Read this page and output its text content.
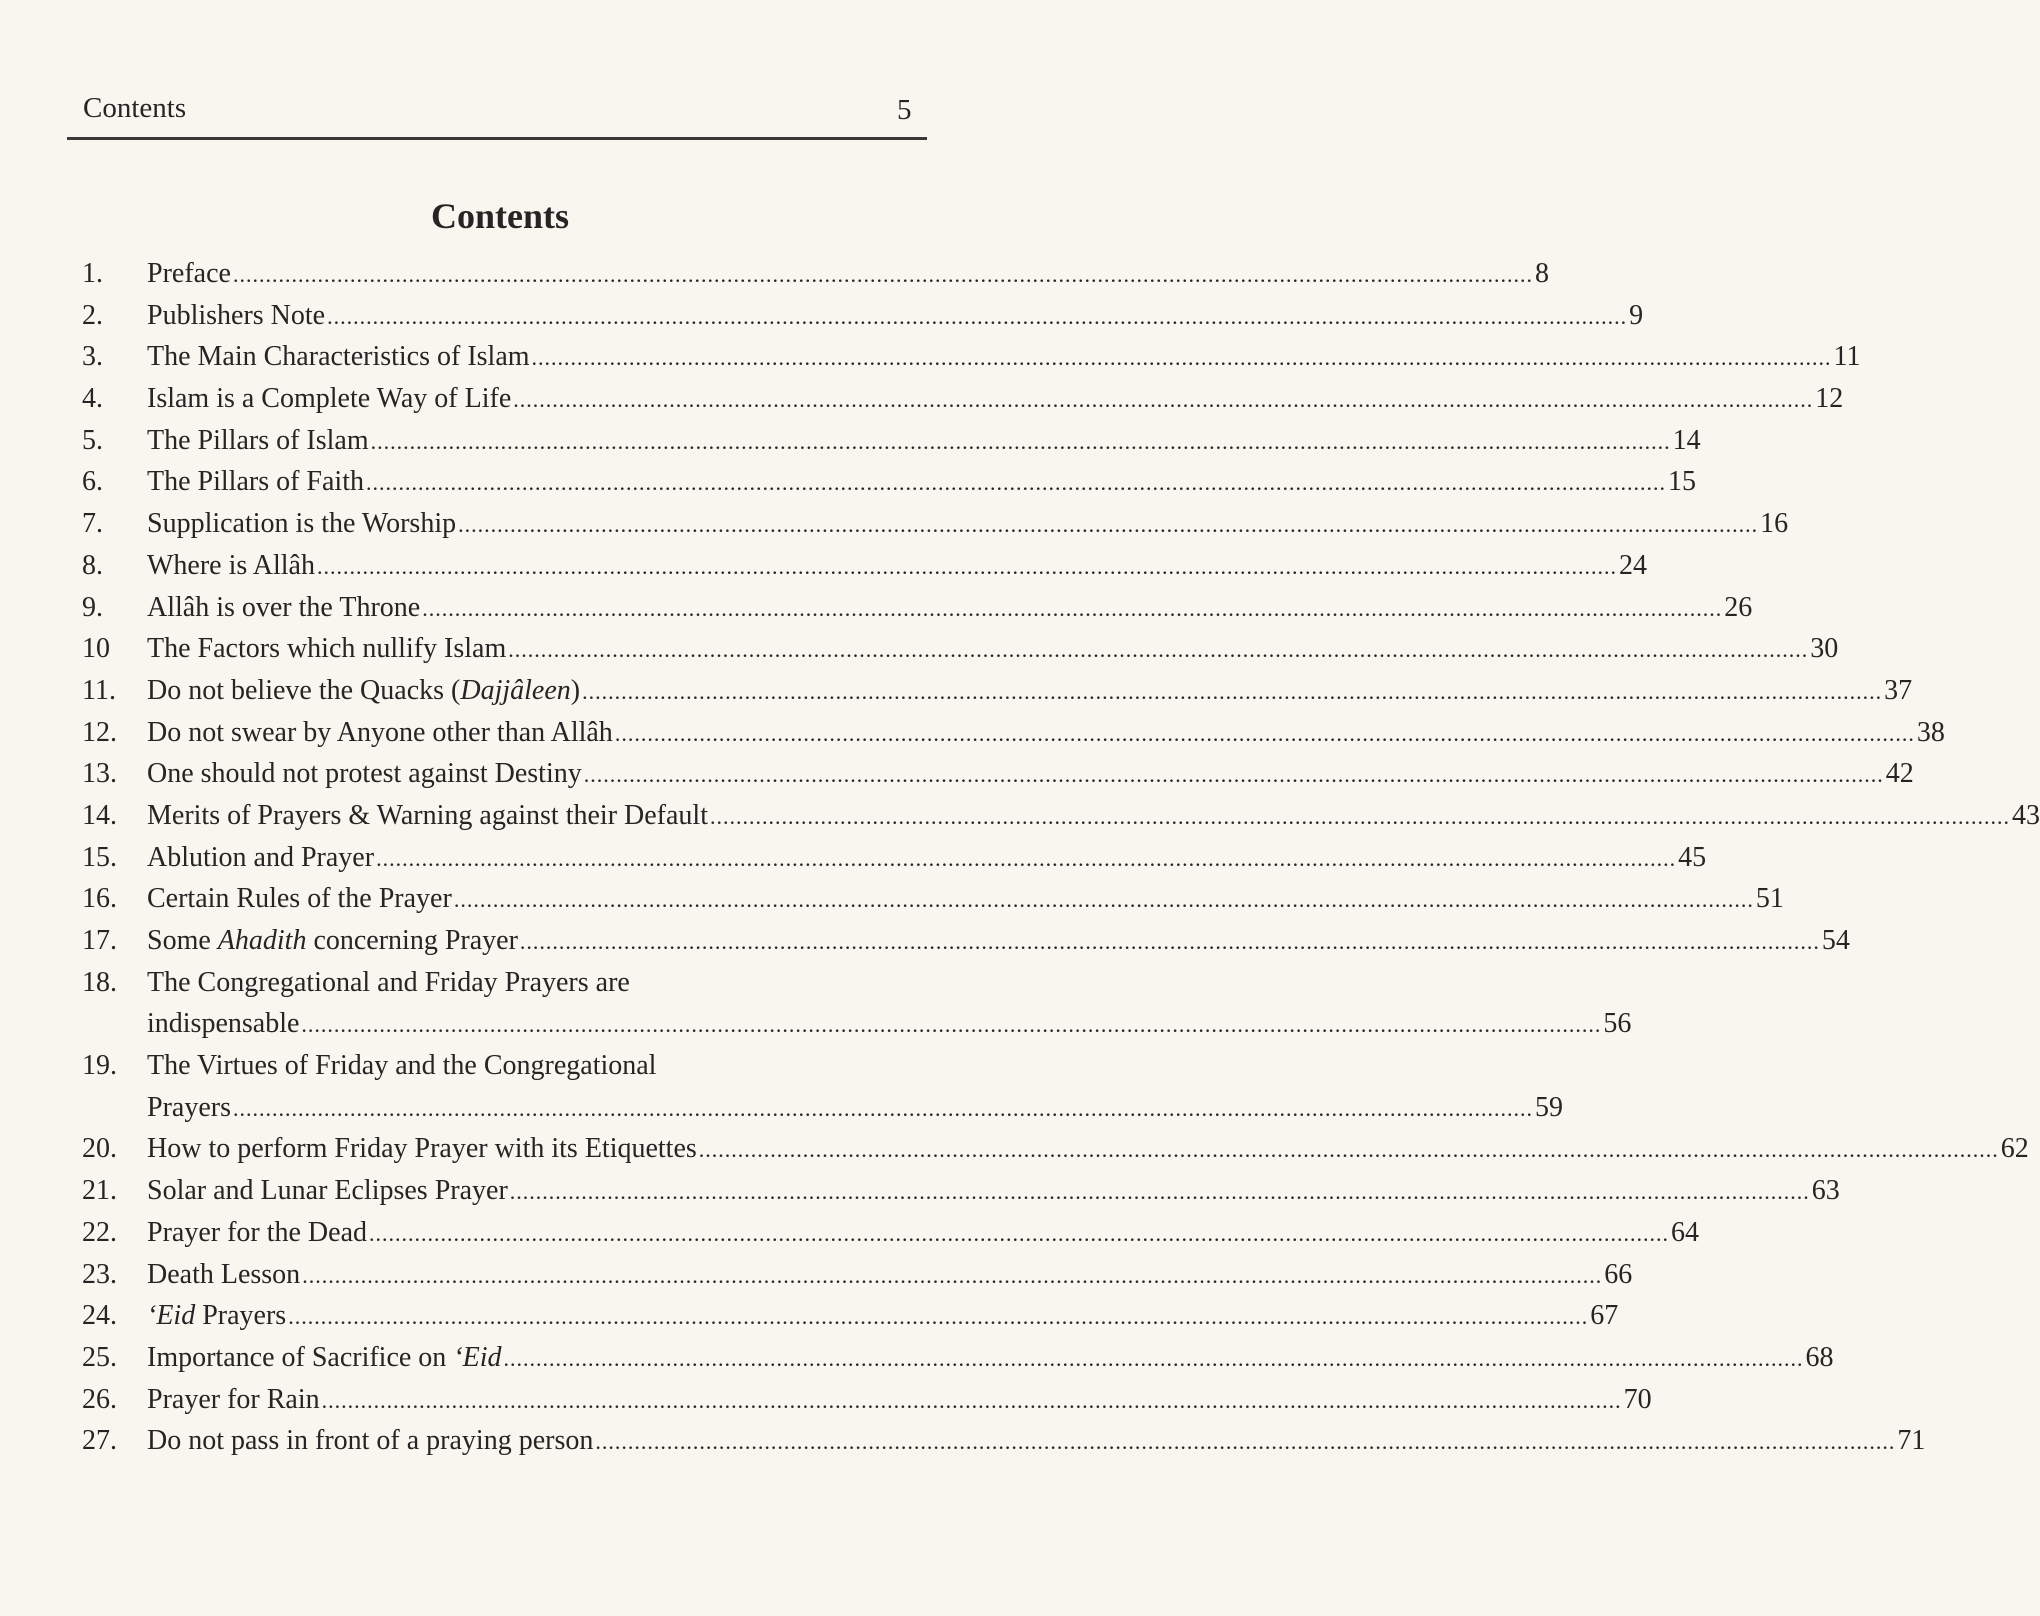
Contents	5
Contents
1.	Preface ........................................................................................................................................................................................................ 8
2.	Publishers Note ........................................................................................................................................................................................................ 9
3.	The Main Characteristics of Islam ........................................................................................................................................................................................................ 11
4.	Islam is a Complete Way of Life ........................................................................................................................................................................................................ 12
5.	The Pillars of Islam ........................................................................................................................................................................................................ 14
6.	The Pillars of Faith ........................................................................................................................................................................................................ 15
7.	Supplication is the Worship ........................................................................................................................................................................................................ 16
8.	Where is Allâh ........................................................................................................................................................................................................ 24
9.	Allâh is over the Throne ........................................................................................................................................................................................................ 26
10	The Factors which nullify Islam ........................................................................................................................................................................................................ 30
11.	Do not believe the Quacks (Dajjâleen) ........................................................................................................................................................................................................ 37
12.	Do not swear by Anyone other than Allâh ........................................................................................................................................................................................................ 38
13.	One should not protest against Destiny ........................................................................................................................................................................................................ 42
14.	Merits of Prayers & Warning against their Default ........................................................................................................................................................................................................ 43
15.	Ablution and Prayer ........................................................................................................................................................................................................ 45
16.	Certain Rules of the Prayer ........................................................................................................................................................................................................ 51
17.	Some Ahadith concerning Prayer ........................................................................................................................................................................................................ 54
18.	The Congregational and Friday Prayers are
indispensable ........................................................................................................................................................................................................ 56
19.	The Virtues of Friday and the Congregational
Prayers ........................................................................................................................................................................................................ 59
20.	How to perform Friday Prayer with its Etiquettes ........................................................................................................................................................................................................ 62
21.	Solar and Lunar Eclipses Prayer ........................................................................................................................................................................................................ 63
22.	Prayer for the Dead ........................................................................................................................................................................................................ 64
23.	Death Lesson ........................................................................................................................................................................................................ 66
24.	‘Eid Prayers ........................................................................................................................................................................................................ 67
25.	Importance of Sacrifice on ‘Eid ........................................................................................................................................................................................................ 68
26.	Prayer for Rain ........................................................................................................................................................................................................ 70
27.	Do not pass in front of a praying person ........................................................................................................................................................................................................ 71
